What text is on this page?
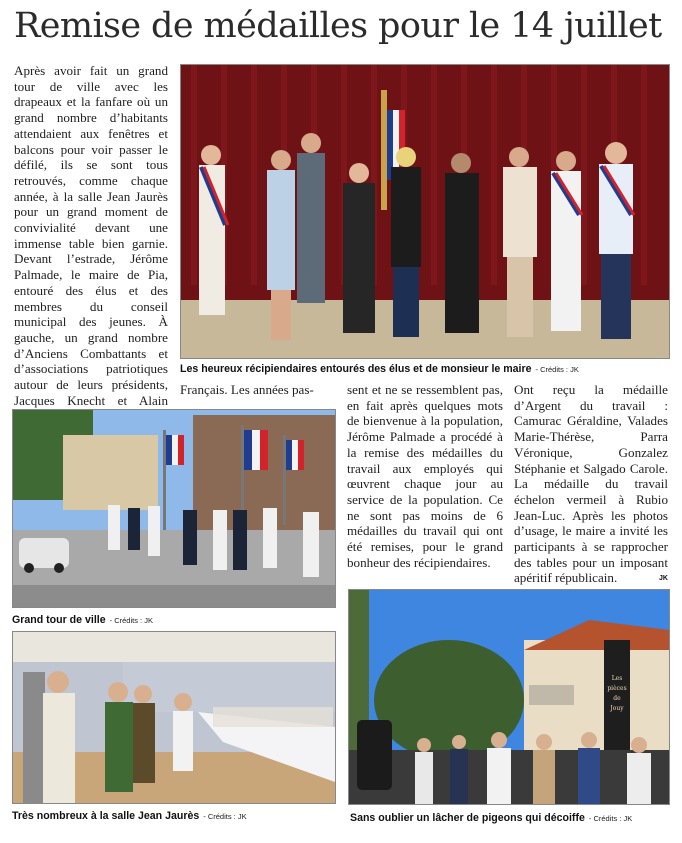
Remise de médailles pour le 14 juillet

Après avoir fait un grand tour de ville avec les drapeaux et la fanfare où un grand nombre d’habitants attendaient aux fenêtres et balcons pour voir passer le défilé, ils se sont tous retrouvés, comme chaque année, à la salle Jean Jaurès pour un grand moment de convivialité devant une immense table bien garnie. Devant l’estrade, Jérôme Palmade, le maire de Pia, entouré des élus et des membres du conseil municipal des jeunes. À gauche, un grand nombre d’Anciens Combattants et d’associations patriotiques autour de leurs présidents, Jacques Knecht et Alain

Les heureux récipiendaires entourés des élus et de monsieur le maire - Crédits : JK

Français. Les années pas-	sent et ne se ressemblent pas, en fait après quelques mots de bienvenue à la population, Jérôme Palmade a procédé à la remise des médailles du travail aux employés qui œuvrent chaque jour au service de la population. Ce ne sont pas moins de 6 médailles du travail qui ont été remises, pour le grand bonheur des récipiendaires.

Ont reçu la médaille d’Argent du travail : Camurac Géraldine, Valades Marie-Thérèse, Parra Véronique, Gonzalez Stéphanie et Salgado Carole. La médaille du travail échelon vermeil à Rubio Jean-Luc. Après les photos d’usage, le maire a invité les participants à se rapprocher des tables pour un imposant apéritif républicain.	JK
Grand tour de ville - Crédits : JK
Très nombreux à la salle Jean Jaurès - Crédits : JK
Les
pièces
de
Jouy
Sans oublier un lâcher de pigeons qui décoiffe - Crédits : JK
